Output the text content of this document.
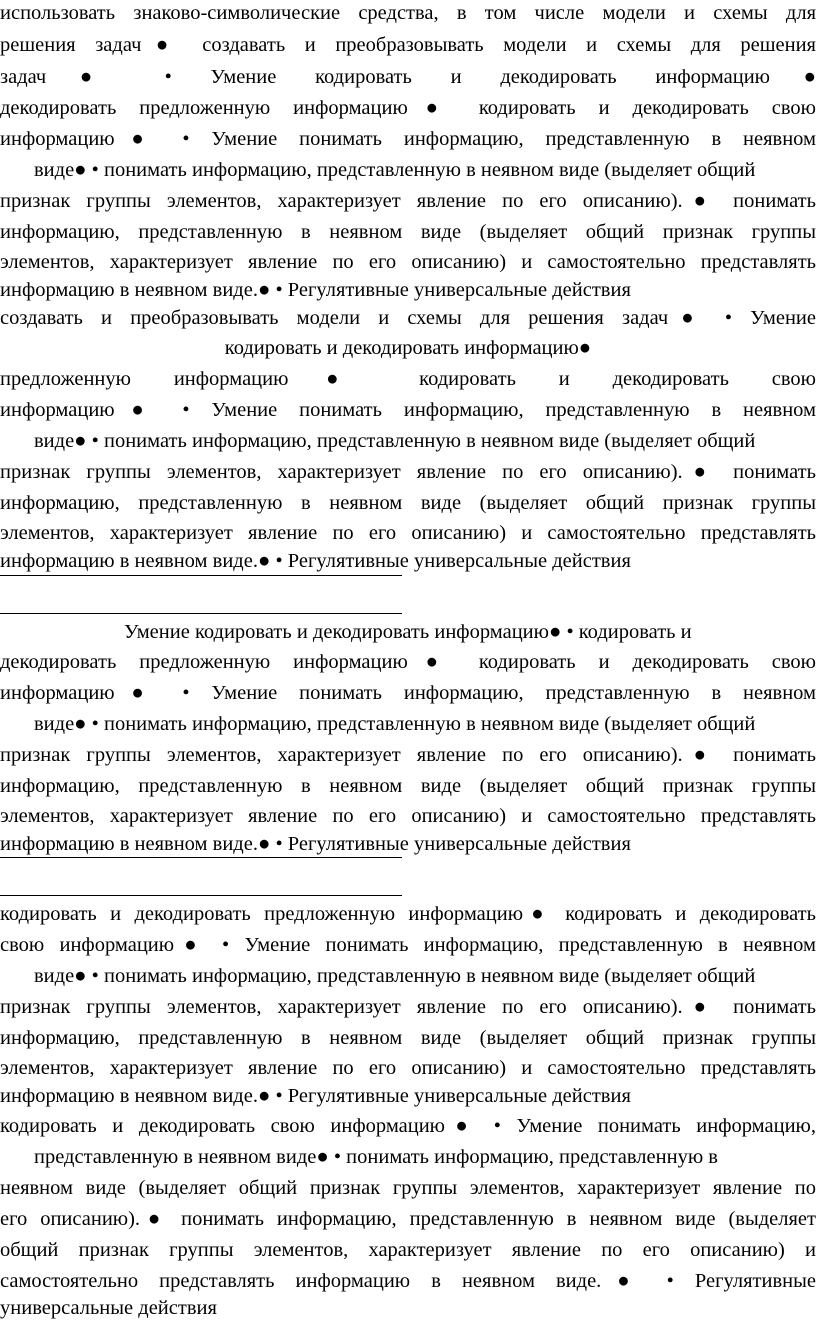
использовать знаково-символические средства, в том числе модели и схемы для
решения задач● создавать и преобразовывать модели и схемы для решения
задач● • Умение кодировать и декодировать информацию●
декодировать предложенную информацию● кодировать и декодировать свою
информацию● • Умение понимать информацию, представленную в неявном
виде● • понимать информацию, представленную в неявном виде (выделяет общий
признак группы элементов, характеризует явление по его описанию).● понимать
информацию, представленную в неявном виде (выделяет общий признак группы
элементов, характеризует явление по его описанию) и самостоятельно представлять
информацию в неявном виде.● • Регулятивные универсальные действия
создавать и преобразовывать модели и схемы для решения задач● • Умение
кодировать и декодировать информацию●
предложенную информацию● кодировать и декодировать свою
информацию● • Умение понимать информацию, представленную в неявном
виде● • понимать информацию, представленную в неявном виде (выделяет общий
признак группы элементов, характеризует явление по его описанию).● понимать
информацию, представленную в неявном виде (выделяет общий признак группы
элементов, характеризует явление по его описанию) и самостоятельно представлять
информацию в неявном виде.● • Регулятивные универсальные действия
Умение кодировать и декодировать информацию● • кодировать и
декодировать предложенную информацию● кодировать и декодировать свою
информацию● • Умение понимать информацию, представленную в неявном
виде● • понимать информацию, представленную в неявном виде (выделяет общий
признак группы элементов, характеризует явление по его описанию).● понимать
информацию, представленную в неявном виде (выделяет общий признак группы
элементов, характеризует явление по его описанию) и самостоятельно представлять
информацию в неявном виде.● • Регулятивные универсальные действия
кодировать и декодировать предложенную информацию● кодировать и декодировать
свою информацию● • Умение понимать информацию, представленную в неявном
виде● • понимать информацию, представленную в неявном виде (выделяет общий
признак группы элементов, характеризует явление по его описанию).● понимать
информацию, представленную в неявном виде (выделяет общий признак группы
элементов, характеризует явление по его описанию) и самостоятельно представлять
информацию в неявном виде.● • Регулятивные универсальные действия
кодировать и декодировать свою информацию● • Умение понимать информацию,
представленную в неявном виде● • понимать информацию, представленную в
неявном виде (выделяет общий признак группы элементов, характеризует явление по
его описанию).● понимать информацию, представленную в неявном виде (выделяет
общий признак группы элементов, характеризует явление по его описанию) и
самостоятельно представлять информацию в неявном виде.● • Регулятивные
универсальные действия
